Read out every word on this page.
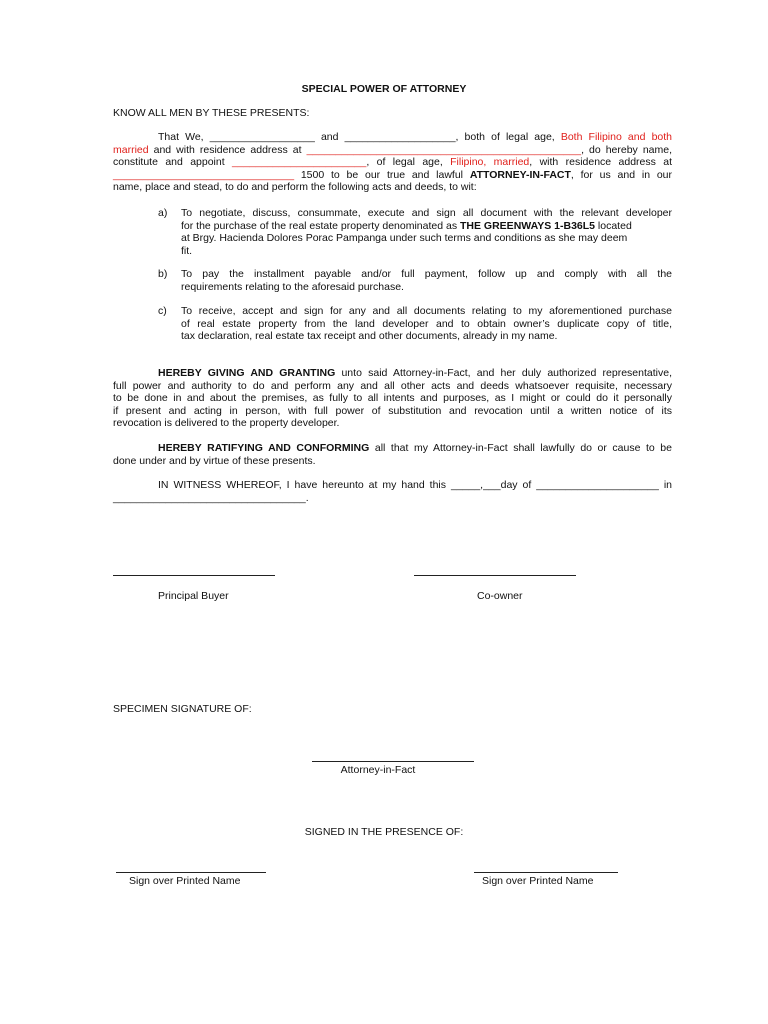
SPECIAL POWER OF ATTORNEY
KNOW ALL MEN BY THESE PRESENTS:
That We, __________________ and ___________________, both of legal age, Both Filipino and both
married and with residence address at _______________________________________________, do hereby name,
constitute and appoint _______________________, of legal age, Filipino, married, with residence address at
_______________________________ 1500 to be our true and lawful ATTORNEY-IN-FACT, for us and in our
name, place and stead, to do and perform the following acts and deeds, to wit:
a) To negotiate, discuss, consummate, execute and sign all document with the relevant developer
for the purchase of the real estate property denominated as THE GREENWAYS 1-B36L5 located
at Brgy. Hacienda Dolores Porac Pampanga under such terms and conditions as she may deem
fit.
b) To pay the installment payable and/or full payment, follow up and comply with all the
requirements relating to the aforesaid purchase.
c) To receive, accept and sign for any and all documents relating to my aforementioned purchase
of real estate property from the land developer and to obtain owner’s duplicate copy of title,
tax declaration, real estate tax receipt and other documents, already in my name.
HEREBY GIVING AND GRANTING unto said Attorney-in-Fact, and her duly authorized representative,
full power and authority to do and perform any and all other acts and deeds whatsoever requisite, necessary
to be done in and about the premises, as fully to all intents and purposes, as I might or could do it personally
if present and acting in person, with full power of substitution and revocation until a written notice of its
revocation is delivered to the property developer.
HEREBY RATIFYING AND CONFORMING all that my Attorney-in-Fact shall lawfully do or cause to be
done under and by virtue of these presents.
IN WITNESS WHEREOF, I have hereunto at my hand this _____,___day of _____________________ in
_________________________________.
Principal Buyer	Co-owner
SPECIMEN SIGNATURE OF:
Attorney-in-Fact
SIGNED IN THE PRESENCE OF:
Sign over Printed Name	Sign over Printed Name
